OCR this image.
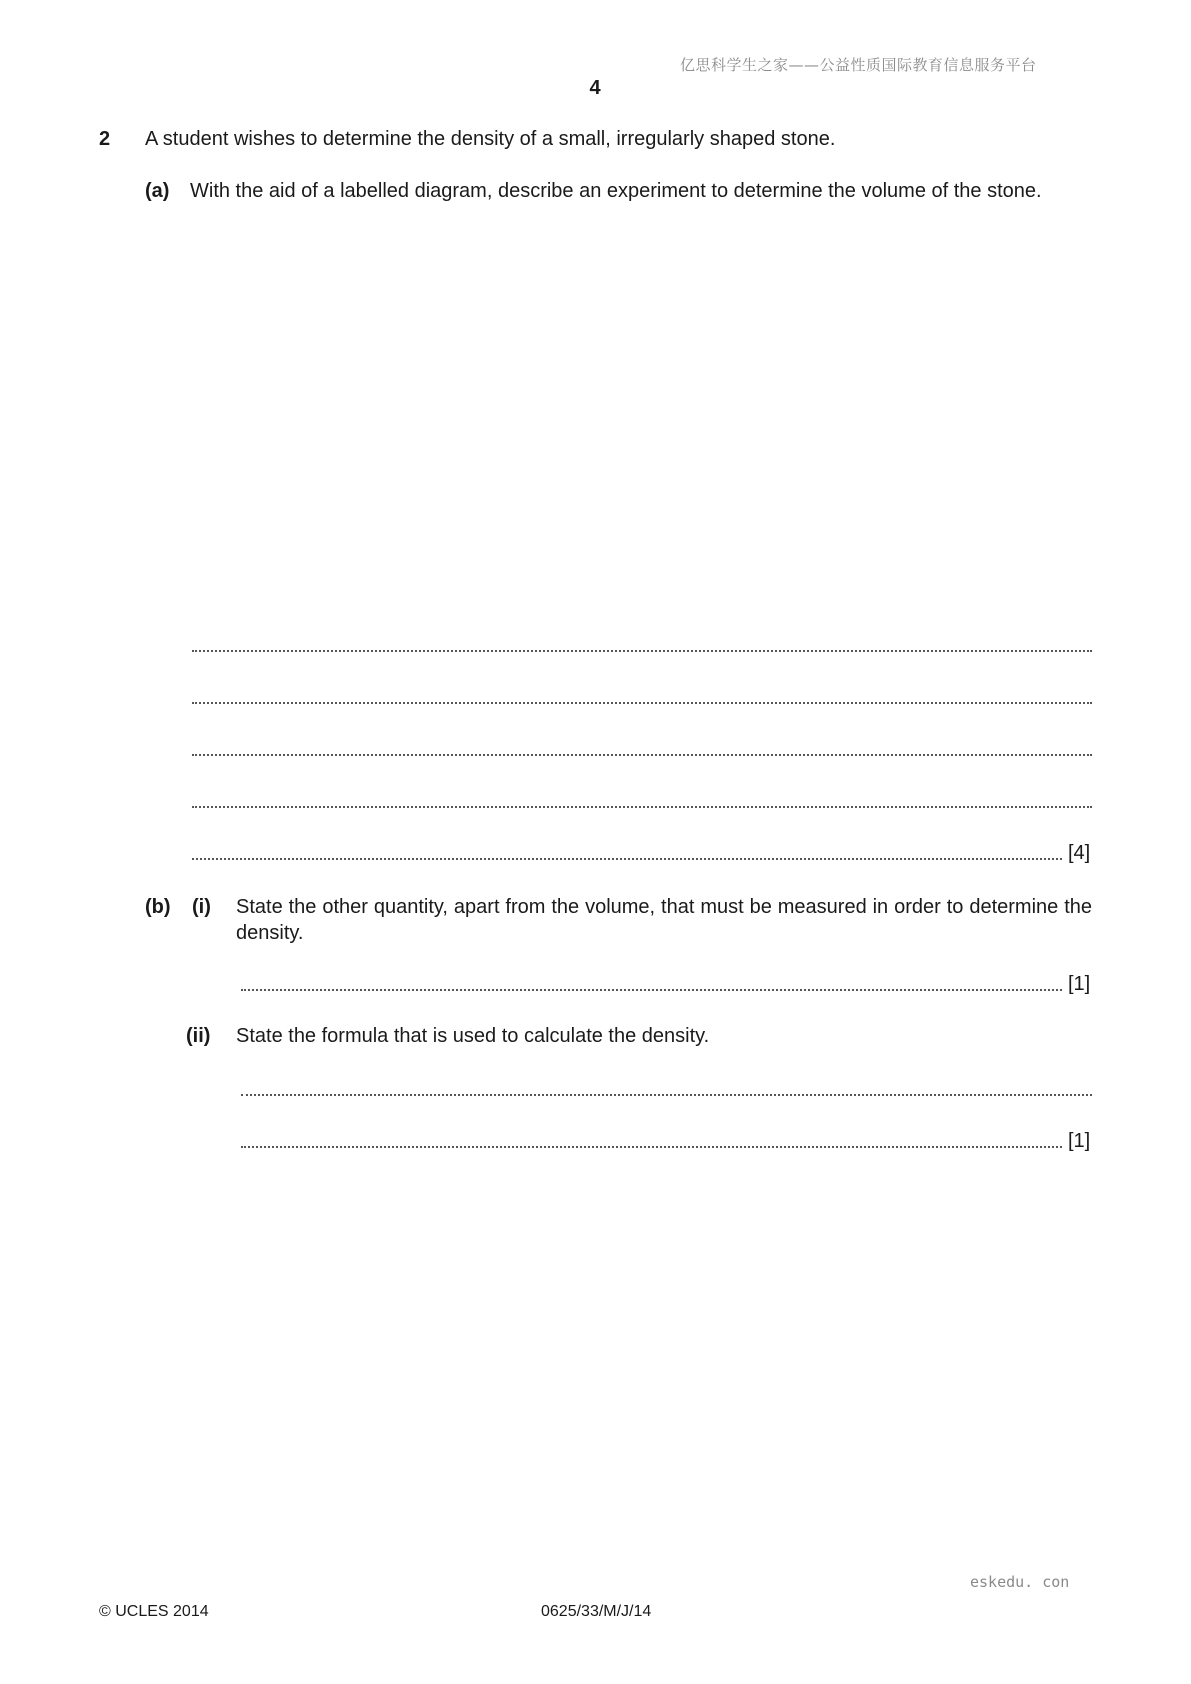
亿思科学生之家——公益性质国际教育信息服务平台
4
2 A student wishes to determine the density of a small, irregularly shaped stone.
(a) With the aid of a labelled diagram, describe an experiment to determine the volume of the stone.
[4]
(b) (i) State the other quantity, apart from the volume, that must be measured in order to determine the density.
[1]
(ii) State the formula that is used to calculate the density.
[1]
eskedu. con
© UCLES 2014	0625/33/M/J/14
